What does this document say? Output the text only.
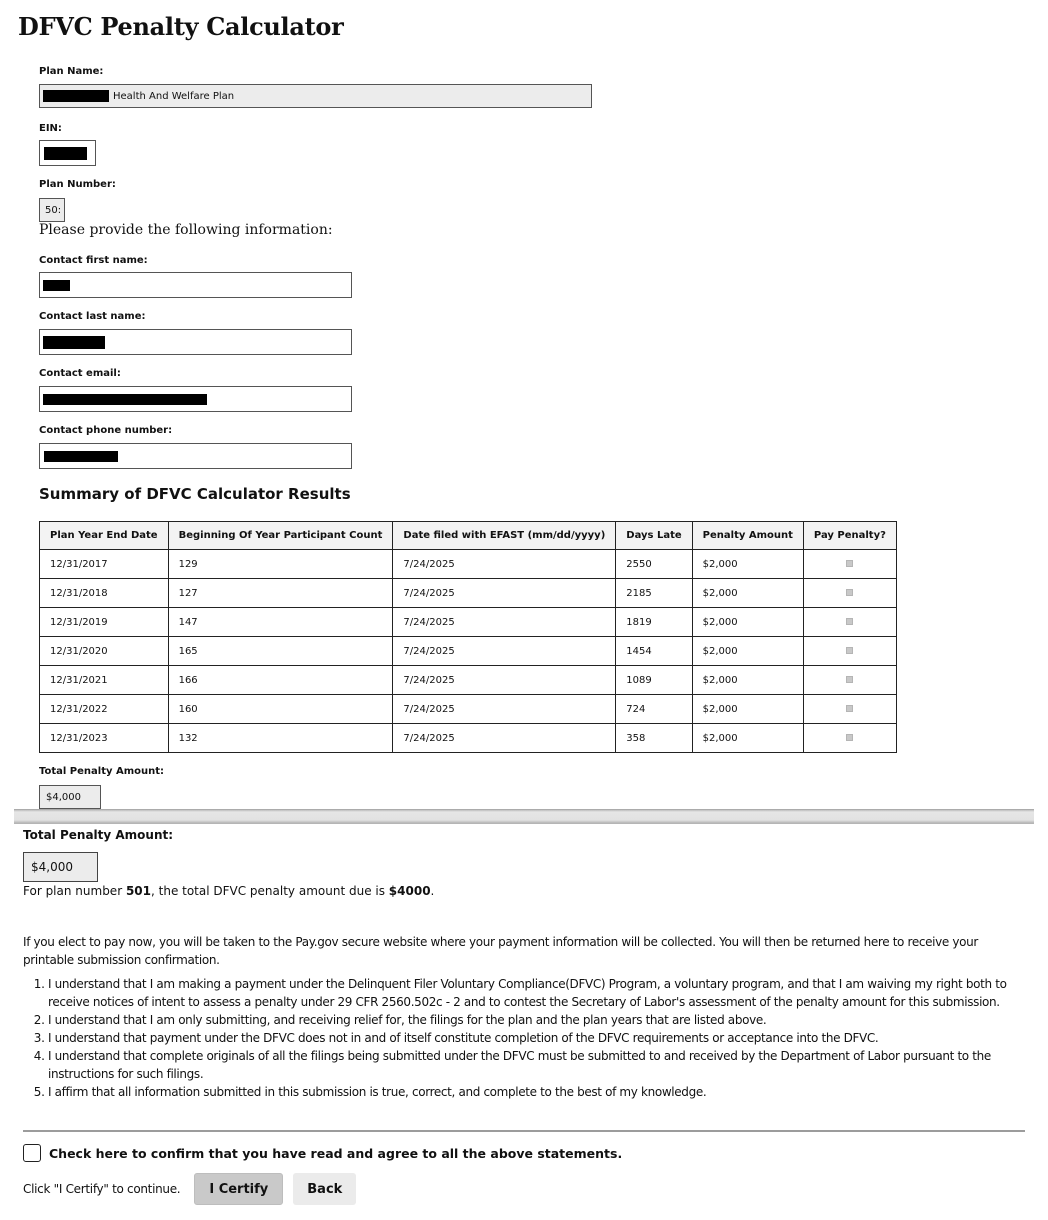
DFVC Penalty Calculator
Plan Name:
Health And Welfare Plan
EIN:
Plan Number:
50:
Please provide the following information:
Contact first name:
Contact last name:
Contact email:
Contact phone number:
Summary of DFVC Calculator Results
Plan Year End Date	Beginning Of Year Participant Count	Date filed with EFAST (mm/dd/yyyy)	Days Late	Penalty Amount	Pay Penalty?
12/31/2017	129	7/24/2025	2550	$2,000	
12/31/2018	127	7/24/2025	2185	$2,000	
12/31/2019	147	7/24/2025	1819	$2,000	
12/31/2020	165	7/24/2025	1454	$2,000	
12/31/2021	166	7/24/2025	1089	$2,000	
12/31/2022	160	7/24/2025	724	$2,000	
12/31/2023	132	7/24/2025	358	$2,000	
Total Penalty Amount:
$4,000
Total Penalty Amount:
$4,000
For plan number 501, the total DFVC penalty amount due is $4000.

If you elect to pay now, you will be taken to the Pay.gov secure website where your payment information will be collected. You will then be returned here to receive your printable submission confirmation.

1. I understand that I am making a payment under the Delinquent Filer Voluntary Compliance(DFVC) Program, a voluntary program, and that I am waiving my right both to receive notices of intent to assess a penalty under 29 CFR 2560.502c - 2 and to contest the Secretary of Labor's assessment of the penalty amount for this submission.
2. I understand that I am only submitting, and receiving relief for, the filings for the plan and the plan years that are listed above.
3. I understand that payment under the DFVC does not in and of itself constitute completion of the DFVC requirements or acceptance into the DFVC.
4. I understand that complete originals of all the filings being submitted under the DFVC must be submitted to and received by the Department of Labor pursuant to the instructions for such filings.
5. I affirm that all information submitted in this submission is true, correct, and complete to the best of my knowledge.
Check here to confirm that you have read and agree to all the above statements.
Click "I Certify" to continue.	I Certify	Back
